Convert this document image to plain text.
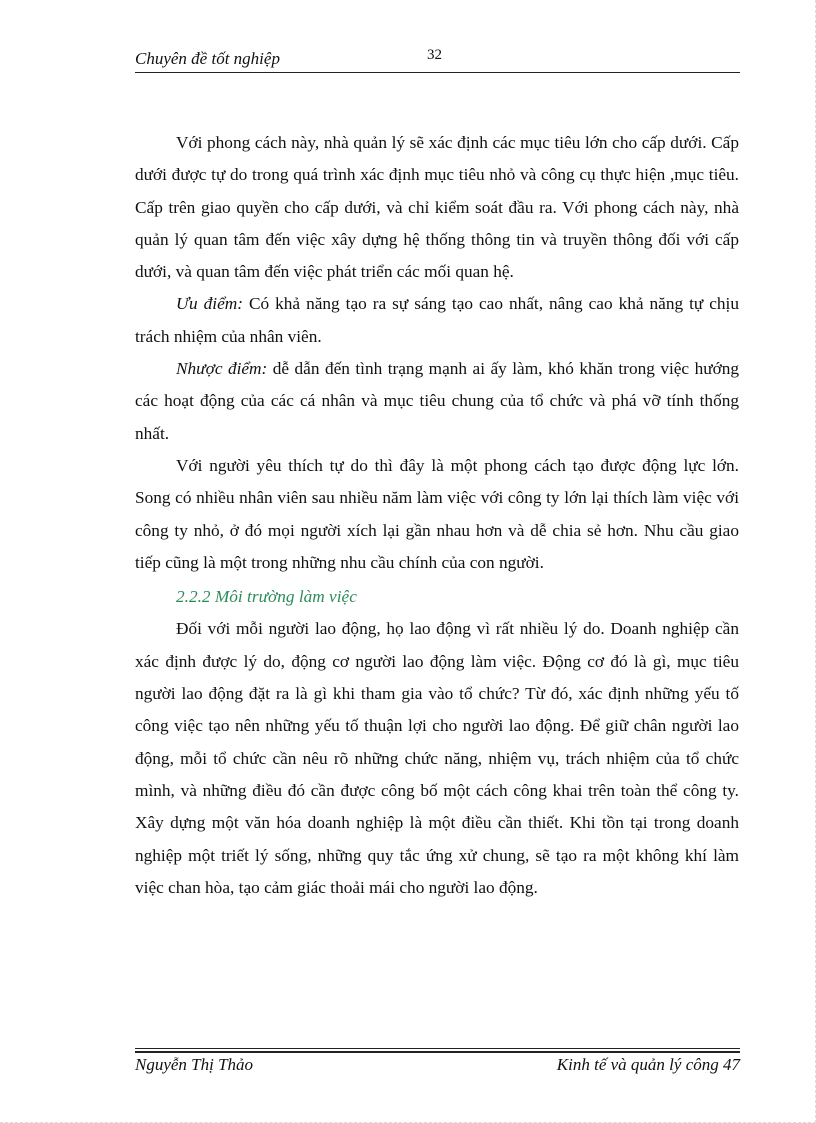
Chuyên đề tốt nghiệp	32

Với phong cách này, nhà quản lý sẽ xác định các mục tiêu lớn cho cấp dưới. Cấp dưới được tự do trong quá trình xác định mục tiêu nhỏ và công cụ thực hiện ,mục tiêu. Cấp trên giao quyền cho cấp dưới, và chỉ kiểm soát đầu ra. Với phong cách này, nhà quản lý quan tâm đến việc xây dựng hệ thống thông tin và truyền thông đối với cấp dưới, và quan tâm đến việc phát triển các mối quan hệ.

Ưu điểm: Có khả năng tạo ra sự sáng tạo cao nhất, nâng cao khả năng tự chịu trách nhiệm của nhân viên.

Nhược điểm: dễ dẫn đến tình trạng mạnh ai ấy làm, khó khăn trong việc hướng các hoạt động của các cá nhân và mục tiêu chung của tổ chức và phá vỡ tính thống nhất.

Với người yêu thích tự do thì đây là một phong cách tạo được động lực lớn. Song có nhiều nhân viên sau nhiều năm làm việc với công ty lớn lại thích làm việc với công ty nhỏ, ở đó mọi người xích lại gần nhau hơn và dễ chia sẻ hơn. Nhu cầu giao tiếp cũng là một trong những nhu cầu chính của con người.

2.2.2 Môi trường làm việc

Đối với mỗi người lao động, họ lao động vì rất nhiều lý do. Doanh nghiệp cần xác định được lý do, động cơ người lao động làm việc. Động cơ đó là gì, mục tiêu người lao động đặt ra là gì khi tham gia vào tổ chức? Từ đó, xác định những yếu tố công việc tạo nên những yếu tố thuận lợi cho người lao động. Để giữ chân người lao động, mỗi tổ chức cần nêu rõ những chức năng, nhiệm vụ, trách nhiệm của tổ chức mình, và những điều đó cần được công bố một cách công khai trên toàn thể công ty. Xây dựng một văn hóa doanh nghiệp là một điều cần thiết. Khi tồn tại trong doanh nghiệp một triết lý sống, những quy tắc ứng xử chung, sẽ tạo ra một không khí làm việc chan hòa, tạo cảm giác thoải mái cho người lao động.

Nguyễn Thị Thảo	Kinh tế và quản lý công 47
